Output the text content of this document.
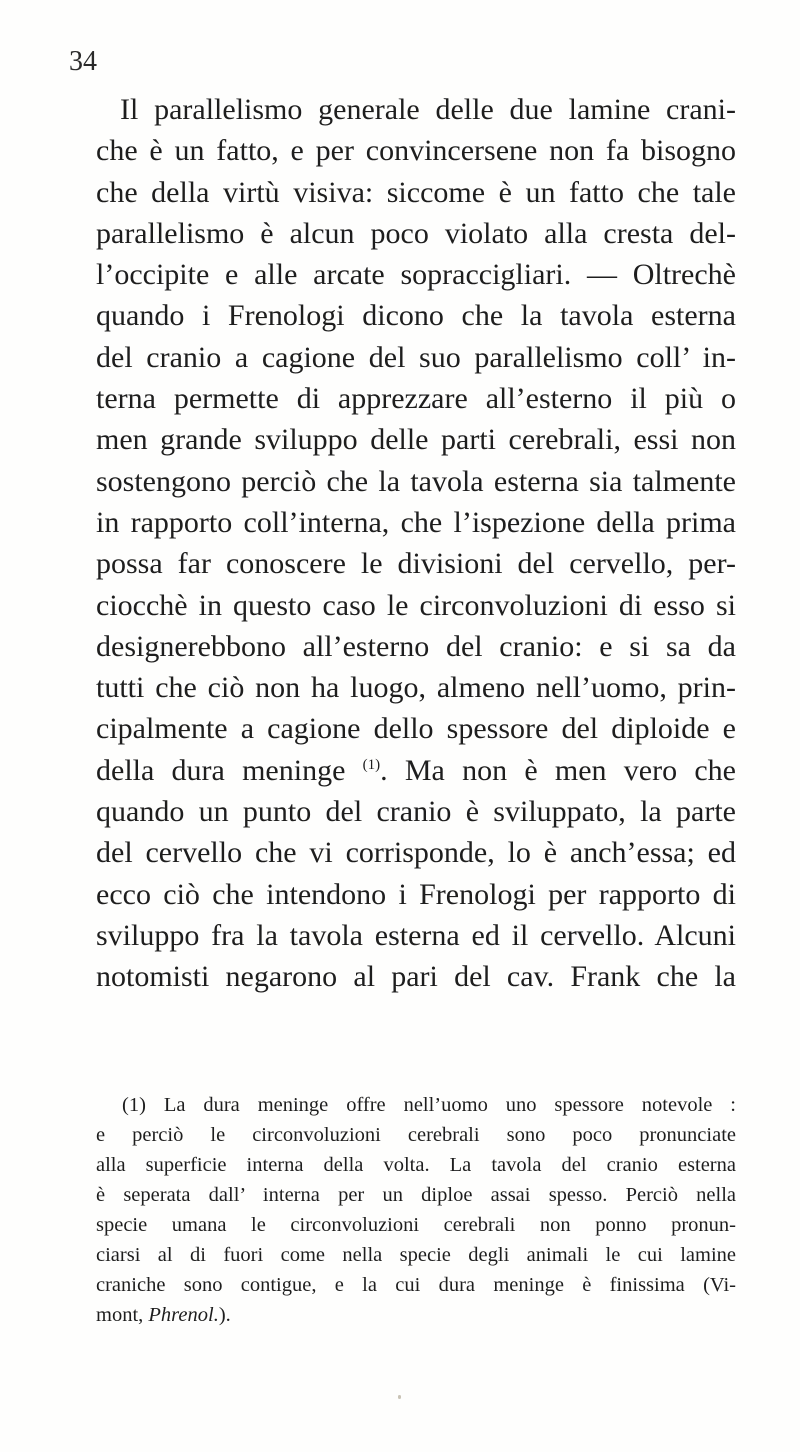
34
Il parallelismo generale delle due lamine crani-
che è un fatto, e per convincersene non fa bisogno
che della virtù visiva: siccome è un fatto che tale
parallelismo è alcun poco violato alla cresta del-
l’occipite e alle arcate sopraccigliari. — Oltrechè
quando i Frenologi dicono che la tavola esterna
del cranio a cagione del suo parallelismo coll’ in-
terna permette di apprezzare all’esterno il più o
men grande sviluppo delle parti cerebrali, essi non
sostengono perciò che la tavola esterna sia talmente
in rapporto coll’interna, che l’ispezione della prima
possa far conoscere le divisioni del cervello, per-
ciocchè in questo caso le circonvoluzioni di esso si
designerebbono all’esterno del cranio: e si sa da
tutti che ciò non ha luogo, almeno nell’uomo, prin-
cipalmente a cagione dello spessore del diploide e
della dura meninge $^{(1)}$. Ma non è men vero che
quando un punto del cranio è sviluppato, la parte
del cervello che vi corrisponde, lo è anch’essa; ed
ecco ciò che intendono i Frenologi per rapporto di
sviluppo fra la tavola esterna ed il cervello. Alcuni
notomisti negarono al pari del cav. Frank che la
(1) La dura meninge offre nell’uomo uno spessore notevole :
e perciò le circonvoluzioni cerebrali sono poco pronunciate
alla superficie interna della volta. La tavola del cranio esterna
è seperata dall’ interna per un diploe assai spesso. Perciò nella
specie umana le circonvoluzioni cerebrali non ponno pronun-
ciarsi al di fuori come nella specie degli animali le cui lamine
craniche sono contigue, e la cui dura meninge è finissima (Vi-
mont, Phrenol.).
